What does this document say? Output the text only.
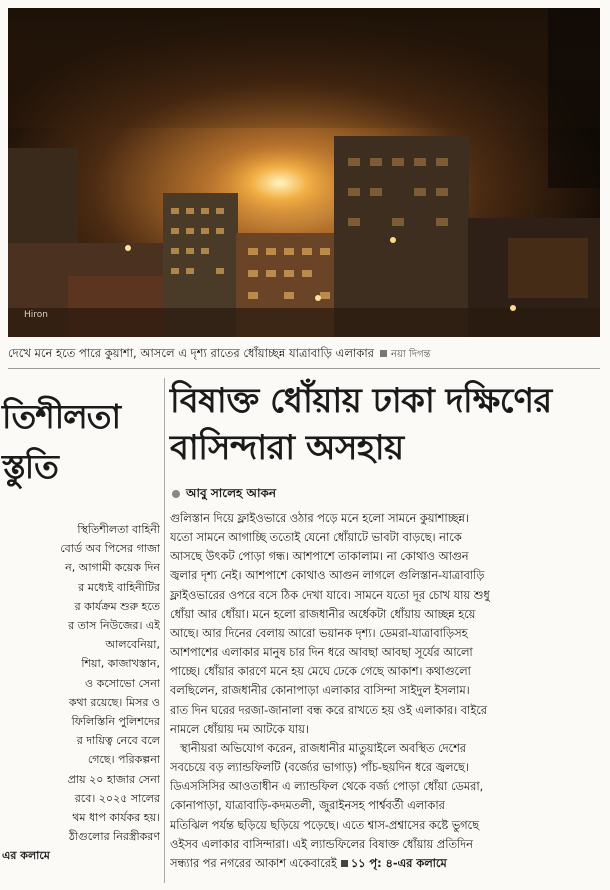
Hiron
দেখে মনে হতে পারে কুয়াশা, আসলে এ দৃশ্য রাতের ধোঁয়াচ্ছন্ন যাত্রাবাড়ি এলাকার নয়া দিগন্ত
তিশীলতা
স্তুতি
স্থিতিশীলতা বাহিনী
বোর্ড অব পিসের গাজা
ন, আগামী কয়েক দিন
র মধ্যেই বাহিনীটির
র কার্যক্রম শুরু হতে
র তাস নিউজের। এই
আলবেনিয়া,
শিয়া, কাজাখস্তান,
ও কসোভো সেনা
কথা রয়েছে। মিসর ও
ফিলিস্তিনি পুলিশদের
র দায়িত্ব নেবে বলে
গেছে। পরিকল্পনা
প্রায় ২০ হাজার সেনা
রবে। ২০২৫ সালের
থম ধাপ কার্যকর হয়।
ঠীগুলোর নিরস্ত্রীকরণ
এর কলামে
বিষাক্ত ধোঁয়ায় ঢাকা দক্ষিণের
বাসিন্দারা অসহায়
আবু সালেহ আকন
গুলিস্তান দিয়ে ফ্লাইওভারে ওঠার পড়ে মনে হলো সামনে কুয়াশাচ্ছন্ন।
যতো সামনে আগাচ্ছি ততোই যেনো ধোঁয়াটে ভাবটা বাড়ছে। নাকে
আসছে উৎকট পোড়া গন্ধ। আশপাশে তাকালাম। না কোথাও আগুন
জ্বলার দৃশ্য নেই। আশপাশে কোথাও আগুন লাগলে গুলিস্তান-যাত্রাবাড়ি
ফ্লাইওভারের ওপরে বসে ঠিক দেখা যাবে। সামনে যতো দূর চোখ যায় শুধু
ধোঁয়া আর ধোঁয়া। মনে হলো রাজধানীর অর্ধেকটা ধোঁয়ায় আচ্ছন্ন হয়ে
আছে। আর দিনের বেলায় আরো ভয়ানক দৃশ্য। ডেমরা-যাত্রাবাড়িসহ
আশপাশের এলাকার মানুষ চার দিন ধরে আবছা আবছা সূর্যের আলো
পাচ্ছে। ধোঁয়ার কারণে মনে হয় মেঘে ঢেকে গেছে আকাশ। কথাগুলো
বলছিলেন, রাজধানীর কোনাপাড়া এলাকার বাসিন্দা সাইদুল ইসলাম।
রাত দিন ঘরের দরজা-জানালা বন্ধ করে রাখতে হয় ওই এলাকার। বাইরে
নামলে ধোঁয়ায় দম আটকে যায়।
স্থানীয়রা অভিযোগ করেন, রাজধানীর মাতুয়াইলে অবস্থিত দেশের
সবচেয়ে বড় ল্যান্ডফিলটি (বর্জ্যের ভাগাড়) পাঁচ-ছয়দিন ধরে জ্বলছে।
ডিএসসিসির আওতাধীন এ ল্যান্ডফিল থেকে বর্জ্য পোড়া ধোঁয়া ডেমরা,
কোনাপাড়া, যাত্রাবাড়ি-কদমতলী, জুরাইনসহ পার্শ্ববর্তী এলাকার
মতিঝিল পর্যন্ত ছড়িয়ে ছড়িয়ে পড়েছে। এতে শ্বাস-প্রশ্বাসের কষ্টে ভুগছে
ওইসব এলাকার বাসিন্দারা। এই ল্যান্ডফিলের বিষাক্ত ধোঁয়ায় প্রতিদিন
সন্ধ্যার পর নগরের আকাশ একেবারেই ১১ পৃ: ৪-এর কলামে
